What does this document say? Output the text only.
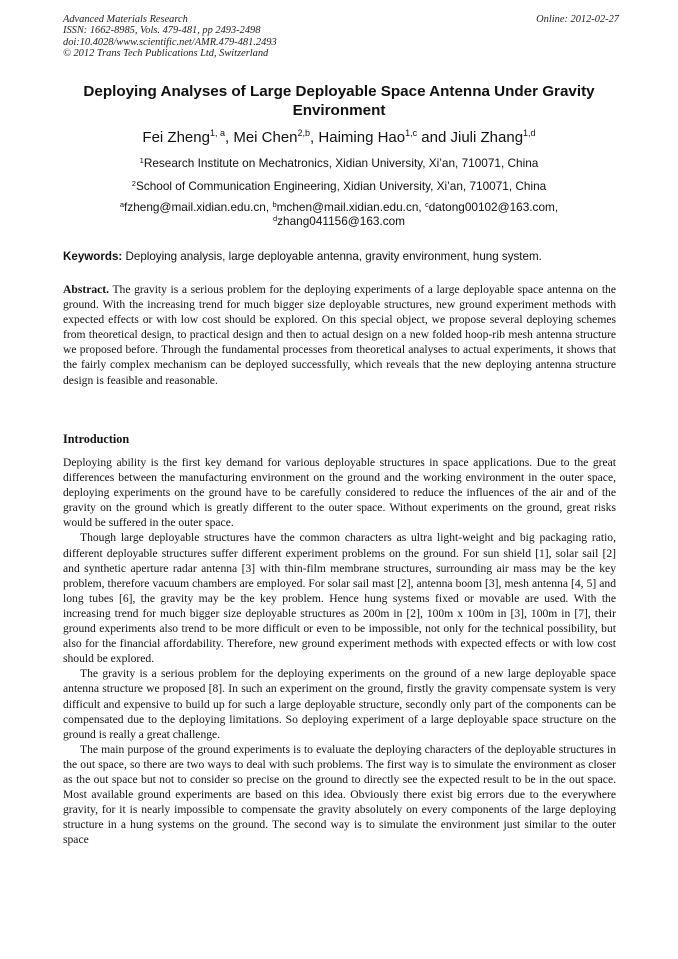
Advanced Materials Research	Online: 2012-02-27
ISSN: 1662-8985, Vols. 479-481, pp 2493-2498
doi:10.4028/www.scientific.net/AMR.479-481.2493
© 2012 Trans Tech Publications Ltd, Switzerland
Deploying Analyses of Large Deployable Space Antenna Under Gravity Environment
Fei Zheng$^{1, a}$, Mei Chen$^{2,b}$, Haiming Hao$^{1,c}$ and Jiuli Zhang$^{1,d}$
$^1$Research Institute on Mechatronics, Xidian University, Xi’an, 710071, China
$^2$School of Communication Engineering, Xidian University, Xi’an, 710071, China
$^a$fzheng@mail.xidian.edu.cn, $^b$mchen@mail.xidian.edu.cn, $^c$datong00102@163.com,
$^d$zhang041156@163.com
Keywords: Deploying analysis, large deployable antenna, gravity environment, hung system.
Abstract. The gravity is a serious problem for the deploying experiments of a large deployable space antenna on the ground. With the increasing trend for much bigger size deployable structures, new ground experiment methods with expected effects or with low cost should be explored. On this special object, we propose several deploying schemes from theoretical design, to practical design and then to actual design on a new folded hoop-rib mesh antenna structure we proposed before. Through the fundamental processes from theoretical analyses to actual experiments, it shows that the fairly complex mechanism can be deployed successfully, which reveals that the new deploying antenna structure design is feasible and reasonable.
Introduction

Deploying ability is the first key demand for various deployable structures in space applications. Due to the great differences between the manufacturing environment on the ground and the working environment in the outer space, deploying experiments on the ground have to be carefully considered to reduce the influences of the air and of the gravity on the ground which is greatly different to the outer space. Without experiments on the ground, great risks would be suffered in the outer space.

Though large deployable structures have the common characters as ultra light-weight and big packaging ratio, different deployable structures suffer different experiment problems on the ground. For sun shield [1], solar sail [2] and synthetic aperture radar antenna [3] with thin-film membrane structures, surrounding air mass may be the key problem, therefore vacuum chambers are employed. For solar sail mast [2], antenna boom [3], mesh antenna [4, 5] and long tubes [6], the gravity may be the key problem. Hence hung systems fixed or movable are used. With the increasing trend for much bigger size deployable structures as 200m in [2], 100m x 100m in [3], 100m in [7], their ground experiments also trend to be more difficult or even to be impossible, not only for the technical possibility, but also for the financial affordability. Therefore, new ground experiment methods with expected effects or with low cost should be explored.

The gravity is a serious problem for the deploying experiments on the ground of a new large deployable space antenna structure we proposed [8]. In such an experiment on the ground, firstly the gravity compensate system is very difficult and expensive to build up for such a large deployable structure, secondly only part of the components can be compensated due to the deploying limitations. So deploying experiment of a large deployable space structure on the ground is really a great challenge.

The main purpose of the ground experiments is to evaluate the deploying characters of the deployable structures in the out space, so there are two ways to deal with such problems. The first way is to simulate the environment as closer as the out space but not to consider so precise on the ground to directly see the expected result to be in the out space. Most available ground experiments are based on this idea. Obviously there exist big errors due to the everywhere gravity, for it is nearly impossible to compensate the gravity absolutely on every components of the large deploying structure in a hung systems on the ground. The second way is to simulate the environment just similar to the outer space
